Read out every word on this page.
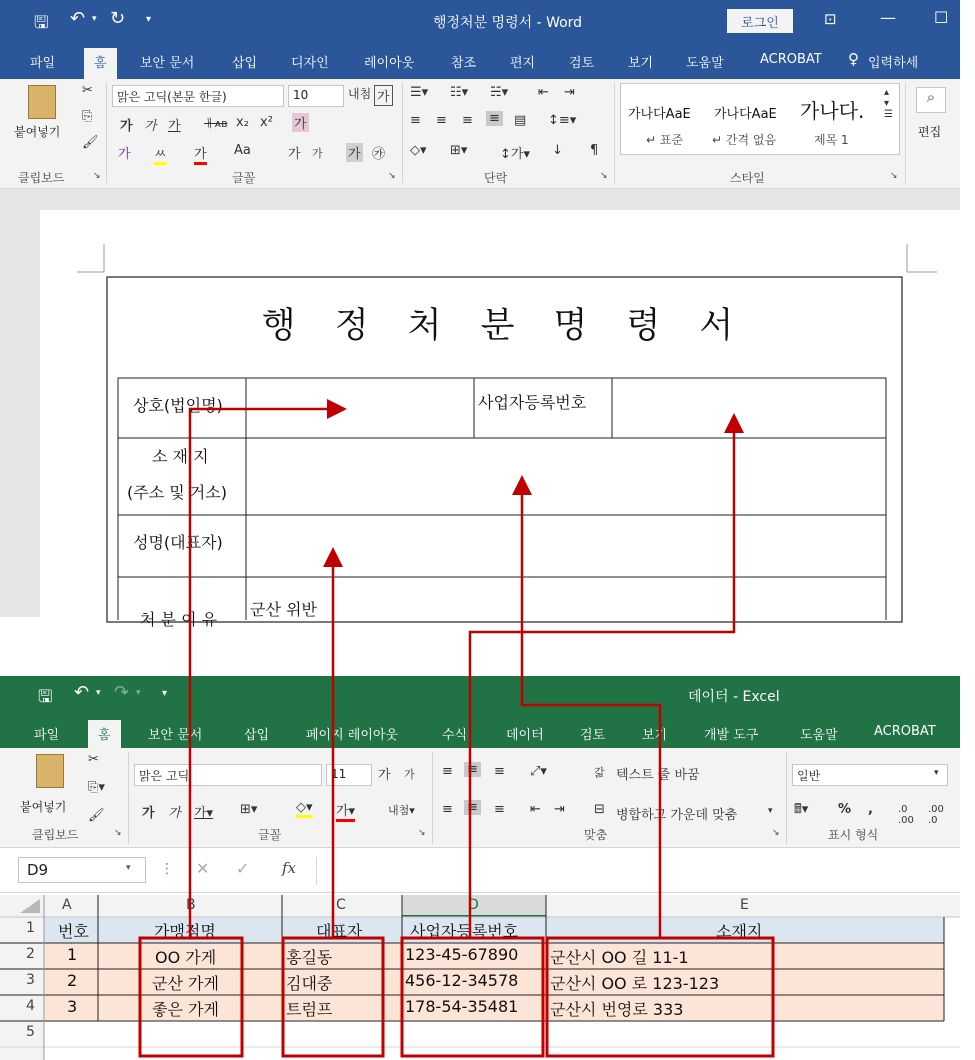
🖫 ↶ ▾ ↻ ▾	행정처분 명령서 - Word	로그인	⊡	— ☐
파일	홈	보안 문서	삽입	디자인	레이아웃	참조	편지	검토	보기	도움말	ACROBAT ♀ 입력하세
붙여넣기
✂
⎘
🖌
클립보드	↘
맑은 고딕(본문 한글)	10	내첨 가
가 가 가 ㅐᴀʙ x₂ x² 가
가 ㅆ 가 Aa	가 가 가 ㉮
글꼴	↘
☰▾ ☷▾ ☵▾ ⇤ ⇥
≡ ≡ ≡ ≡ ▤ ↕≡▾
◇▾ ⊞▾	↕가▾ ↓ ¶
단락	↘
가나다AaE
↵ 표준
가나다AaE
↵ 간격 없음
가나다.
제목 1
▴
▾
☰
스타일	↘
⌕
편집
행 정 처 분 명 령 서
상호(법인명)	사업자등록번호
소 재 지
(주소 및 거소)
성명(대표자)
처 분 이 유
군산 위반
🖫 ↶ ▾ ↷ ▾ ▾	데이터 - Excel
파일	홈	보안 문서	삽입	페이지 레이아웃	수식	데이터	검토	보기	개발 도구	도움말	ACROBAT
붙여넣기
✂
⎘▾
🖌
클립보드	↘
맑은 고딕	11	가 가
가 가 가▾ ⊞▾	◇▾ 가▾	내첨▾
글꼴	↘
≡ ≡ ≡ ⤢▾	갋 텍스트 줄 바꿈
≡ ≡ ≡ ⇤ ⇥ ⊟ 병합하고 가운데 맞춤	▾
맞춤	↘
일반	▾
🖩▾ % ,	.0
.00
.00
.0
표시 형식
D9	▾ ⋮ ✕ ✓ fx
A	B	C	D	E
1
2
3
4
5
번호	가맹점명	대표자	사업자등록번호	소재지
1	OO 가게	홍길동	123-45-67890 군산시 OO 길 11-1
2	군산 가게	김대중	456-12-34578 군산시 OO 로 123-123
3	좋은 가게	트럼프	178-54-35481 군산시 번영로 333
